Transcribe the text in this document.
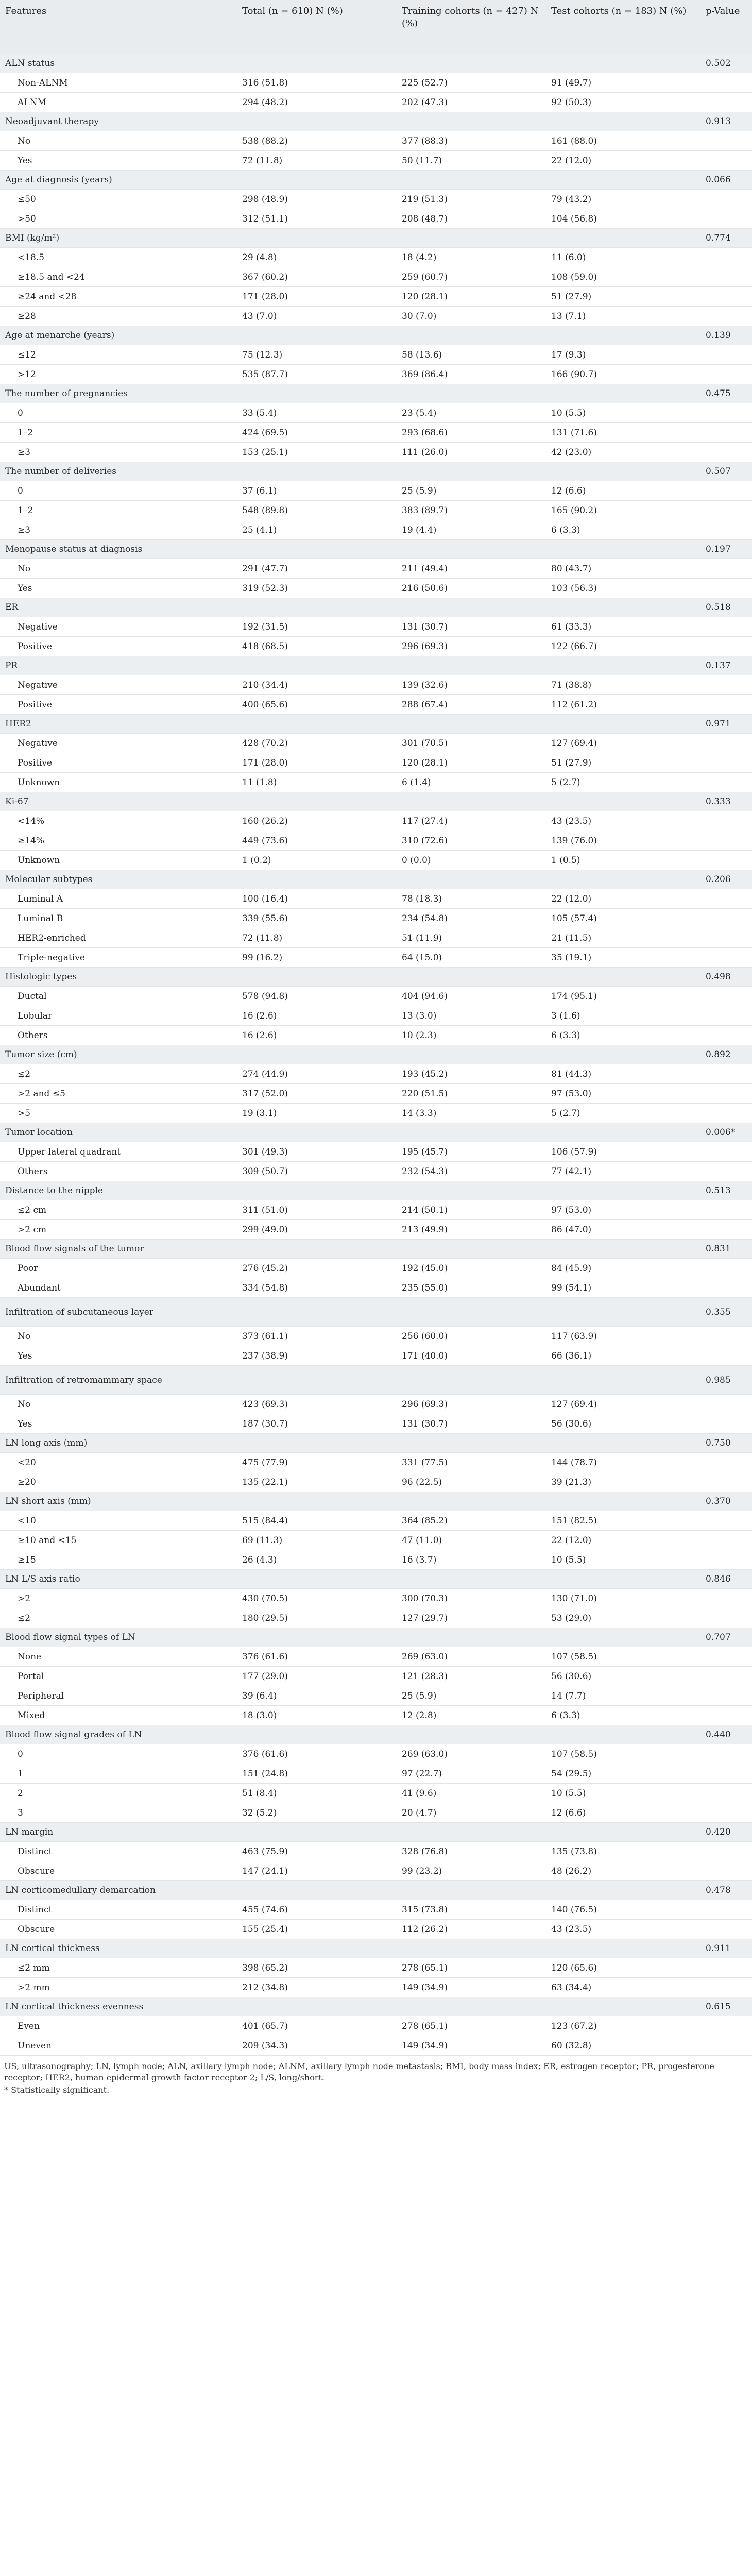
Features	Total (n = 610) N (%)	Training cohorts (n = 427) N (%)	Test cohorts (n = 183) N (%)	p-Value
ALN status				0.502
Non-ALNM	316 (51.8)	225 (52.7)	91 (49.7)	
ALNM	294 (48.2)	202 (47.3)	92 (50.3)	
Neoadjuvant therapy				0.913
No	538 (88.2)	377 (88.3)	161 (88.0)	
Yes	72 (11.8)	50 (11.7)	22 (12.0)	
Age at diagnosis (years)				0.066
≤50	298 (48.9)	219 (51.3)	79 (43.2)	
>50	312 (51.1)	208 (48.7)	104 (56.8)	
BMI (kg/m²)				0.774
<18.5	29 (4.8)	18 (4.2)	11 (6.0)	
≥18.5 and <24	367 (60.2)	259 (60.7)	108 (59.0)	
≥24 and <28	171 (28.0)	120 (28.1)	51 (27.9)	
≥28	43 (7.0)	30 (7.0)	13 (7.1)	
Age at menarche (years)				0.139
≤12	75 (12.3)	58 (13.6)	17 (9.3)	
>12	535 (87.7)	369 (86.4)	166 (90.7)	
The number of pregnancies				0.475
0	33 (5.4)	23 (5.4)	10 (5.5)	
1–2	424 (69.5)	293 (68.6)	131 (71.6)	
≥3	153 (25.1)	111 (26.0)	42 (23.0)	
The number of deliveries				0.507
0	37 (6.1)	25 (5.9)	12 (6.6)	
1–2	548 (89.8)	383 (89.7)	165 (90.2)	
≥3	25 (4.1)	19 (4.4)	6 (3.3)	
Menopause status at diagnosis				0.197
No	291 (47.7)	211 (49.4)	80 (43.7)	
Yes	319 (52.3)	216 (50.6)	103 (56.3)	
ER				0.518
Negative	192 (31.5)	131 (30.7)	61 (33.3)	
Positive	418 (68.5)	296 (69.3)	122 (66.7)	
PR				0.137
Negative	210 (34.4)	139 (32.6)	71 (38.8)	
Positive	400 (65.6)	288 (67.4)	112 (61.2)	
HER2				0.971
Negative	428 (70.2)	301 (70.5)	127 (69.4)	
Positive	171 (28.0)	120 (28.1)	51 (27.9)	
Unknown	11 (1.8)	6 (1.4)	5 (2.7)	
Ki-67				0.333
<14%	160 (26.2)	117 (27.4)	43 (23.5)	
≥14%	449 (73.6)	310 (72.6)	139 (76.0)	
Unknown	1 (0.2)	0 (0.0)	1 (0.5)	
Molecular subtypes				0.206
Luminal A	100 (16.4)	78 (18.3)	22 (12.0)	
Luminal B	339 (55.6)	234 (54.8)	105 (57.4)	
HER2-enriched	72 (11.8)	51 (11.9)	21 (11.5)	
Triple-negative	99 (16.2)	64 (15.0)	35 (19.1)	
Histologic types				0.498
Ductal	578 (94.8)	404 (94.6)	174 (95.1)	
Lobular	16 (2.6)	13 (3.0)	3 (1.6)	
Others	16 (2.6)	10 (2.3)	6 (3.3)	
Tumor size (cm)				0.892
≤2	274 (44.9)	193 (45.2)	81 (44.3)	
>2 and ≤5	317 (52.0)	220 (51.5)	97 (53.0)	
>5	19 (3.1)	14 (3.3)	5 (2.7)	
Tumor location				0.006*
Upper lateral quadrant	301 (49.3)	195 (45.7)	106 (57.9)	
Others	309 (50.7)	232 (54.3)	77 (42.1)	
Distance to the nipple				0.513
≤2 cm	311 (51.0)	214 (50.1)	97 (53.0)	
>2 cm	299 (49.0)	213 (49.9)	86 (47.0)	
Blood flow signals of the tumor				0.831
Poor	276 (45.2)	192 (45.0)	84 (45.9)	
Abundant	334 (54.8)	235 (55.0)	99 (54.1)	
Infiltration of subcutaneous layer				0.355
No	373 (61.1)	256 (60.0)	117 (63.9)	
Yes	237 (38.9)	171 (40.0)	66 (36.1)	
Infiltration of retromammary space				0.985
No	423 (69.3)	296 (69.3)	127 (69.4)	
Yes	187 (30.7)	131 (30.7)	56 (30.6)	
LN long axis (mm)				0.750
<20	475 (77.9)	331 (77.5)	144 (78.7)	
≥20	135 (22.1)	96 (22.5)	39 (21.3)	
LN short axis (mm)				0.370
<10	515 (84.4)	364 (85.2)	151 (82.5)	
≥10 and <15	69 (11.3)	47 (11.0)	22 (12.0)	
≥15	26 (4.3)	16 (3.7)	10 (5.5)	
LN L/S axis ratio				0.846
>2	430 (70.5)	300 (70.3)	130 (71.0)	
≤2	180 (29.5)	127 (29.7)	53 (29.0)	
Blood flow signal types of LN				0.707
None	376 (61.6)	269 (63.0)	107 (58.5)	
Portal	177 (29.0)	121 (28.3)	56 (30.6)	
Peripheral	39 (6.4)	25 (5.9)	14 (7.7)	
Mixed	18 (3.0)	12 (2.8)	6 (3.3)	
Blood flow signal grades of LN				0.440
0	376 (61.6)	269 (63.0)	107 (58.5)	
1	151 (24.8)	97 (22.7)	54 (29.5)	
2	51 (8.4)	41 (9.6)	10 (5.5)	
3	32 (5.2)	20 (4.7)	12 (6.6)	
LN margin				0.420
Distinct	463 (75.9)	328 (76.8)	135 (73.8)	
Obscure	147 (24.1)	99 (23.2)	48 (26.2)	
LN corticomedullary demarcation				0.478
Distinct	455 (74.6)	315 (73.8)	140 (76.5)	
Obscure	155 (25.4)	112 (26.2)	43 (23.5)	
LN cortical thickness				0.911
≤2 mm	398 (65.2)	278 (65.1)	120 (65.6)	
>2 mm	212 (34.8)	149 (34.9)	63 (34.4)	
LN cortical thickness evenness				0.615
Even	401 (65.7)	278 (65.1)	123 (67.2)	
Uneven	209 (34.3)	149 (34.9)	60 (32.8)	
US, ultrasonography; LN, lymph node; ALN, axillary lymph node; ALNM, axillary lymph node metastasis; BMI, body mass index; ER, estrogen receptor; PR, progesterone receptor; HER2, human epidermal growth factor receptor 2; L/S, long/short.
* Statistically significant.
